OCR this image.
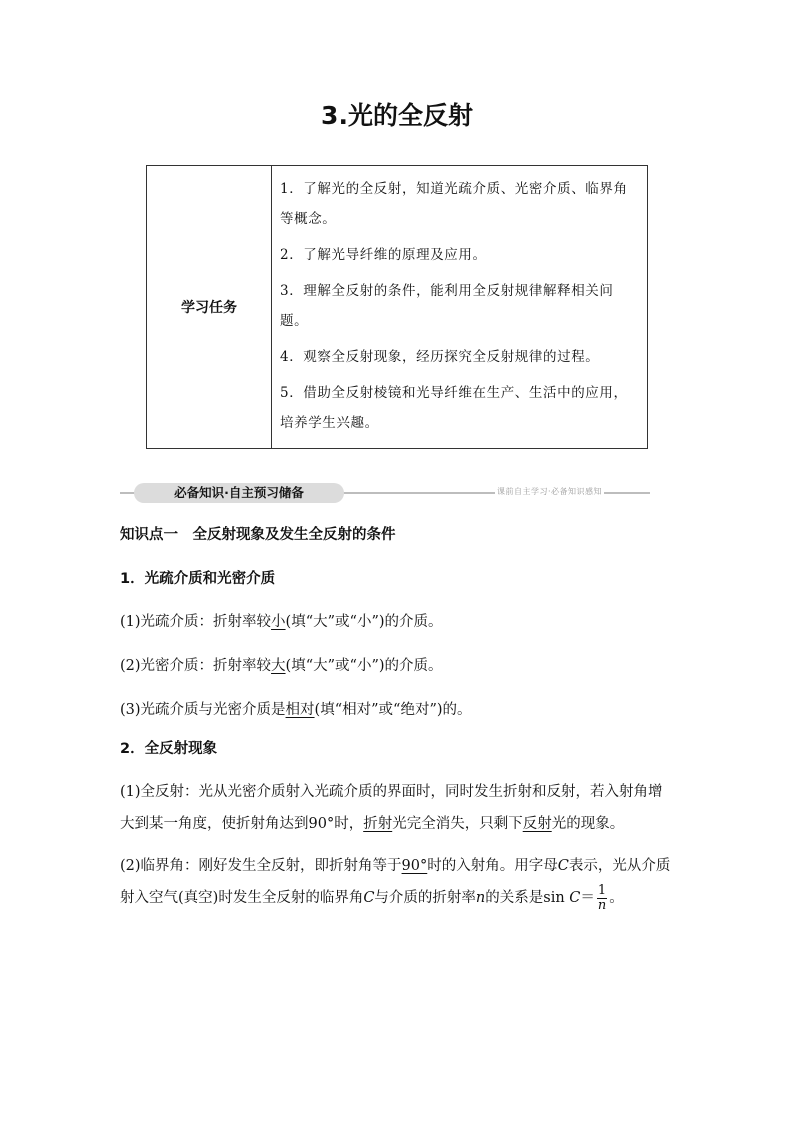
3.光的全反射
学习任务	
1．了解光的全反射，知道光疏介质、光密介质、临界角等概念。
2．了解光导纤维的原理及应用。
3．理解全反射的条件，能利用全反射规律解释相关问题。
4．观察全反射现象，经历探究全反射规律的过程。
5．借助全反射棱镜和光导纤维在生产、生活中的应用，培养学生兴趣。
必备知识·自主预习储备	课前自主学习·必备知识感知
知识点一　全反射现象及发生全反射的条件
1．光疏介质和光密介质
(1)光疏介质：折射率较小(填“大”或“小”)的介质。
(2)光密介质：折射率较大(填“大”或“小”)的介质。
(3)光疏介质与光密介质是相对(填“相对”或“绝对”)的。
2．全反射现象
(1)全反射：光从光密介质射入光疏介质的界面时，同时发生折射和反射，若入射角增大到某一角度，使折射角达到90°时，折射光完全消失，只剩下反射光的现象。
(2)临界角：刚好发生全反射，即折射角等于90°时的入射角。用字母C表示，光从介质射入空气(真空)时发生全反射的临界角C与介质的折射率n的关系是$\sin C= \frac{1}{n}$ 。
